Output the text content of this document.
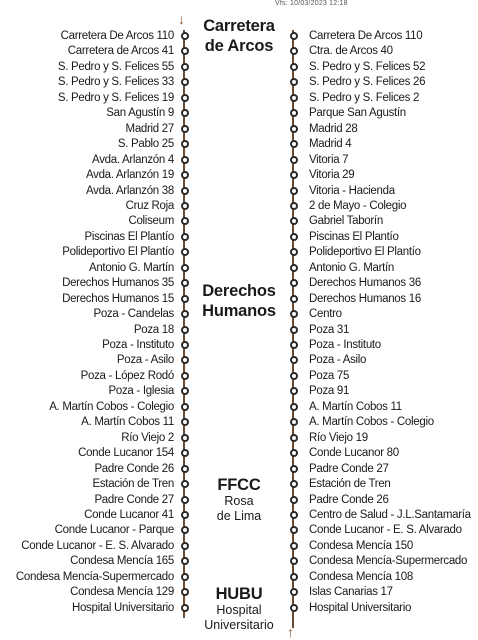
Vfs: 10/03/2023 12:18
↓
↑
Carretera
de Arcos
Derechos
Humanos
FFCC
Rosa
de Lima
HUBU
Hospital
Universitario
Carretera De Arcos 110
Carretera de Arcos 41
S. Pedro y S. Felices 55
S. Pedro y S. Felices 33
S. Pedro y S. Felices 19
San Agustín 9
Madrid 27
S. Pablo 25
Avda. Arlanzón 4
Avda. Arlanzón 19
Avda. Arlanzón 38
Cruz Roja
Coliseum
Piscinas El Plantío
Polideportivo El Plantío
Antonio G. Martín
Derechos Humanos 35
Derechos Humanos 15
Poza - Candelas
Poza 18
Poza - Instituto
Poza - Asilo
Poza - López Rodó
Poza - Iglesia
A. Martín Cobos - Colegio
A. Martín Cobos 11
Río Viejo 2
Conde Lucanor 154
Padre Conde 26
Estación de Tren
Padre Conde 27
Conde Lucanor 41
Conde Lucanor - Parque
Conde Lucanor - E. S. Alvarado
Condesa Mencía 165
Condesa Mencía-Supermercado
Condesa Mencía 129
Hospital Universitario
Carretera De Arcos 110
Ctra. de Arcos 40
S. Pedro y S. Felices 52
S. Pedro y S. Felices 26
S. Pedro y S. Felices 2
Parque San Agustín
Madrid 28
Madrid 4
Vitoria 7
Vitoria 29
Vitoria - Hacienda
2 de Mayo - Colegio
Gabriel Taborín
Piscinas El Plantío
Polideportivo El Plantío
Antonio G. Martín
Derechos Humanos 36
Derechos Humanos 16
Centro
Poza 31
Poza - Instituto
Poza - Asilo
Poza 75
Poza 91
A. Martín Cobos 11
A. Martín Cobos - Colegio
Río Viejo 19
Conde Lucanor 80
Padre Conde 27
Estación de Tren
Padre Conde 26
Centro de Salud - J.L.Santamaría
Conde Lucanor - E. S. Alvarado
Condesa Mencía 150
Condesa Mencía-Supermercado
Condesa Mencía 108
Islas Canarias 17
Hospital Universitario
